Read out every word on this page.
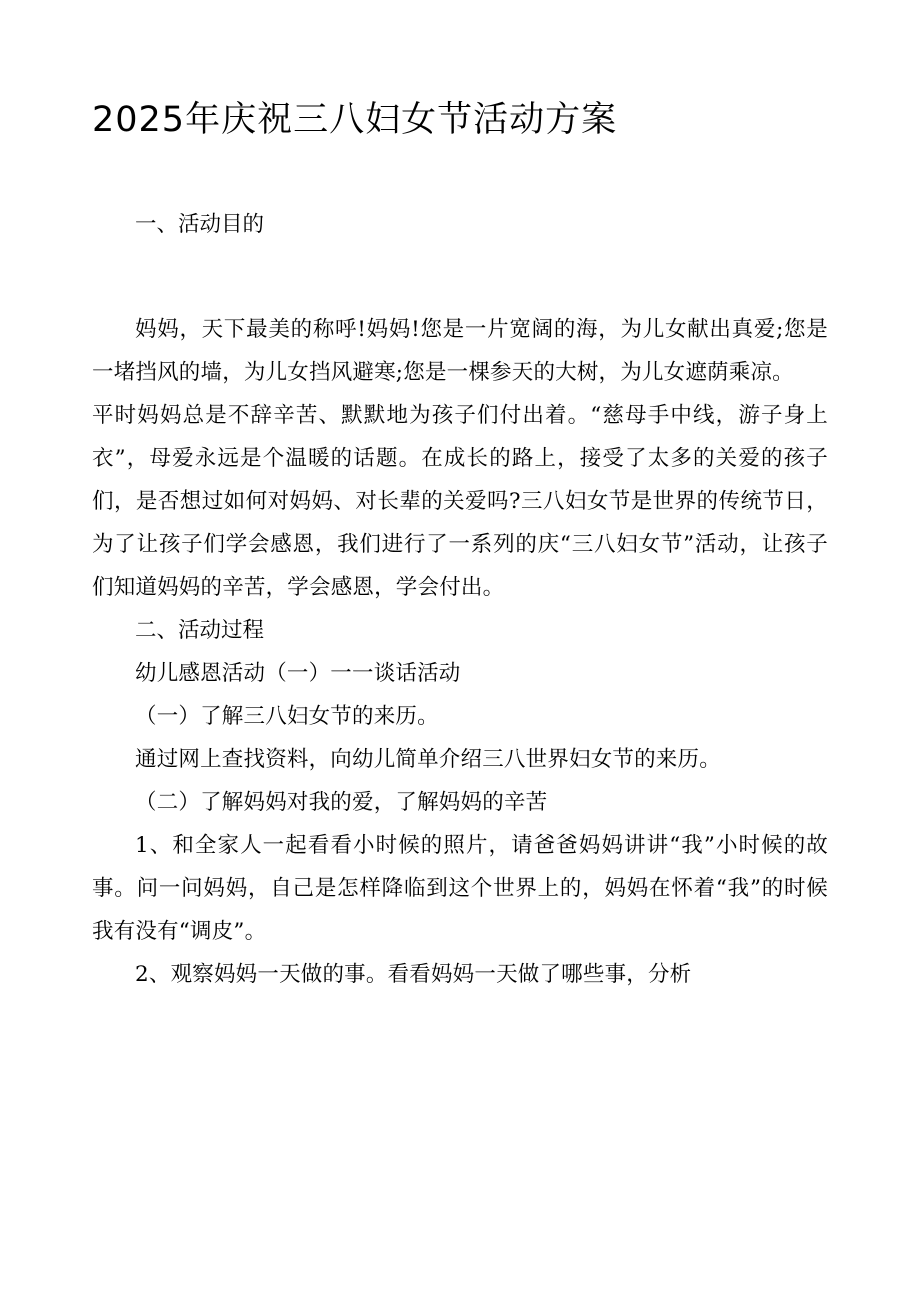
2025年庆祝三八妇女节活动方案
一、活动目的

妈妈，天下最美的称呼!妈妈!您是一片宽阔的海，为儿女献出真爱;您是一堵挡风的墙，为儿女挡风避寒;您是一棵参天的大树，为儿女遮荫乘凉。

平时妈妈总是不辞辛苦、默默地为孩子们付出着。“慈母手中线，游子身上衣”，母爱永远是个温暖的话题。在成长的路上，接受了太多的关爱的孩子们，是否想过如何对妈妈、对长辈的关爱吗?三八妇女节是世界的传统节日，为了让孩子们学会感恩，我们进行了一系列的庆“三八妇女节”活动，让孩子们知道妈妈的辛苦，学会感恩，学会付出。

二、活动过程

幼儿感恩活动（一）一一谈话活动

（一）了解三八妇女节的来历。

通过网上查找资料，向幼儿简单介绍三八世界妇女节的来历。

（二）了解妈妈对我的爱，了解妈妈的辛苦

1、和全家人一起看看小时候的照片，请爸爸妈妈讲讲“我”小时候的故事。问一问妈妈，自己是怎样降临到这个世界上的，妈妈在怀着“我”的时候我有没有“调皮”。

2、观察妈妈一天做的事。看看妈妈一天做了哪些事，分析
